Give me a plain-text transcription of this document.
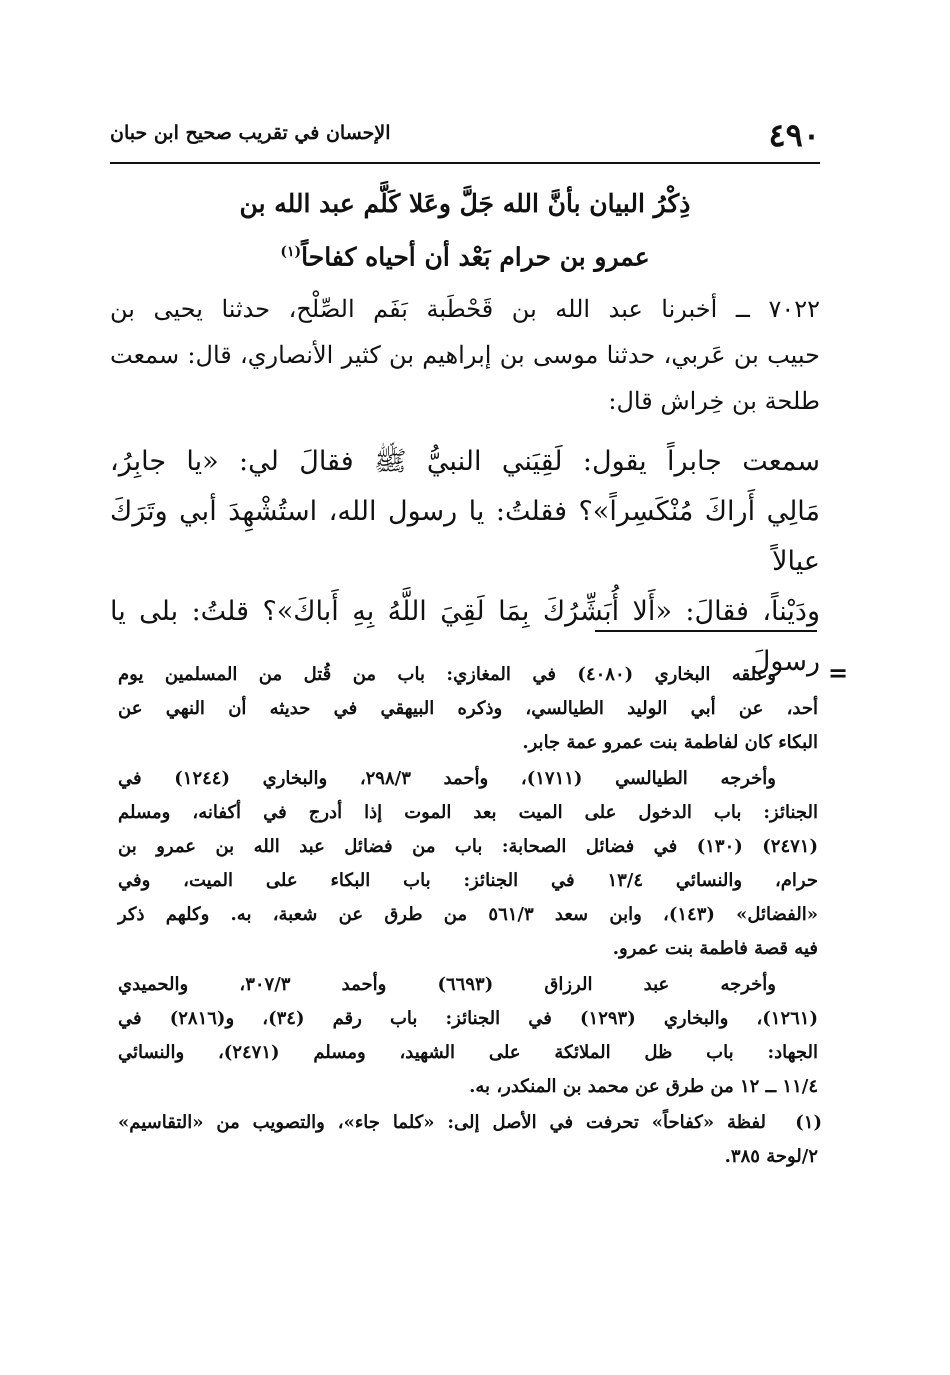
٤٩٠
الإحسان في تقريب صحيح ابن حبان
ذِكْرُ البيان بأنَّ الله جَلَّ وعَلا كَلَّم عبد الله بن
عمرو بن حرام بَعْد أن أحياه كفاحاً$^{(١)}$
٧٠٢٢ ــ أخبرنا عبد الله بن قَحْطَبة بَفَم الصِّلْح، حدثنا يحيى بن
حبيب بن عَربي، حدثنا موسى بن إبراهيم بن كثير الأنصاري، قال: سمعت
طلحة بن خِراش قال:
سمعت جابراً يقول: لَقِيَني النبيُّ ﷺ فقالَ لي: «يا جابِرُ،
مَالِي أَراكَ مُنْكَسِراً»؟ فقلتُ: يا رسول الله، استُشْهِدَ أبي وتَرَكَ عيالاً
ودَيْناً، فقالَ: «أَلا أُبَشِّرُكَ بِمَا لَقِيَ اللَّهُ بِهِ أَباكَ»؟ قلتُ: بلى يا رسولَ =
وعلقه البخاري (٤٠٨٠) في المغازي: باب من قُتل من المسلمين يوم
أحد، عن أبي الوليد الطيالسي، وذكره البيهقي في حديثه أن النهي عن
البكاء كان لفاطمة بنت عمرو عمة جابر.
وأخرجه الطيالسي (١٧١١)، وأحمد ٢٩٨/٣، والبخاري (١٢٤٤) في
الجنائز: باب الدخول على الميت بعد الموت إذا أدرج في أكفانه، ومسلم
(٢٤٧١) (١٣٠) في فضائل الصحابة: باب من فضائل عبد الله بن عمرو بن
حرام، والنسائي ١٣/٤ في الجنائز: باب البكاء على الميت، وفي
«الفضائل» (١٤٣)، وابن سعد ٥٦١/٣ من طرق عن شعبة، به. وكلهم ذكر
فيه قصة فاطمة بنت عمرو.
وأخرجه عبد الرزاق (٦٦٩٣) وأحمد ٣٠٧/٣، والحميدي
(١٢٦١)، والبخاري (١٢٩٣) في الجنائز: باب رقم (٣٤)، و(٢٨١٦) في
الجهاد: باب ظل الملائكة على الشهيد، ومسلم (٢٤٧١)، والنسائي
١١/٤ ــ ١٢ من طرق عن محمد بن المنكدر، به.
(١)
لفظة «كفاحاً» تحرفت في الأصل إلى: «كلما جاء»، والتصويب من «التقاسيم»
٢/لوحة ٣٨٥.
